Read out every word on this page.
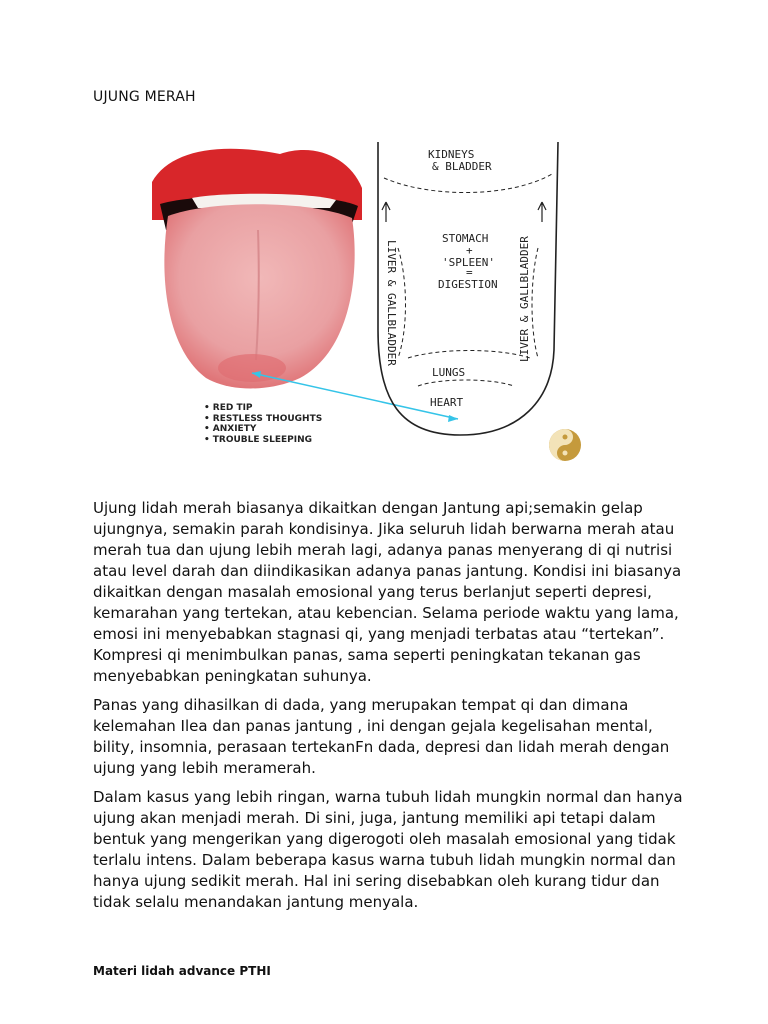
UJUNG MERAH
KIDNEYS
& BLADDER
STOMACH
+
'SPLEEN'
=
DIGESTION
LIVER & GALLBLADDER	LIVER & GALLBLADDER
LUNGS
HEART
• RED TIP
• RESTLESS THOUGHTS
• ANXIETY
• TROUBLE SLEEPING

Ujung lidah merah biasanya dikaitkan dengan Jantung api;semakin gelap ujungnya, semakin parah kondisinya. Jika seluruh lidah berwarna merah atau merah tua dan ujung lebih merah lagi, adanya panas menyerang di qi nutrisi atau level darah dan diindikasikan adanya panas jantung. Kondisi ini biasanya dikaitkan dengan masalah emosional yang terus berlanjut seperti depresi, kemarahan yang tertekan, atau kebencian. Selama periode waktu yang lama, emosi ini menyebabkan stagnasi qi, yang menjadi terbatas atau “tertekan”. Kompresi qi menimbulkan panas, sama seperti peningkatan tekanan gas menyebabkan peningkatan suhunya.

Panas yang dihasilkan di dada, yang merupakan tempat qi dan dimana kelemahan Ilea dan panas jantung , ini dengan gejala kegelisahan mental, bility, insomnia, perasaan tertekanFn dada, depresi dan lidah merah dengan ujung yang lebih meramerah.

Dalam kasus yang lebih ringan, warna tubuh lidah mungkin normal dan hanya ujung akan menjadi merah. Di sini, juga, jantung memiliki api tetapi dalam bentuk yang mengerikan yang digerogoti oleh masalah emosional yang tidak terlalu intens. Dalam beberapa kasus warna tubuh lidah mungkin normal dan hanya ujung sedikit merah. Hal ini sering disebabkan oleh kurang tidur dan tidak selalu menandakan jantung menyala.

Materi lidah advance PTHI
